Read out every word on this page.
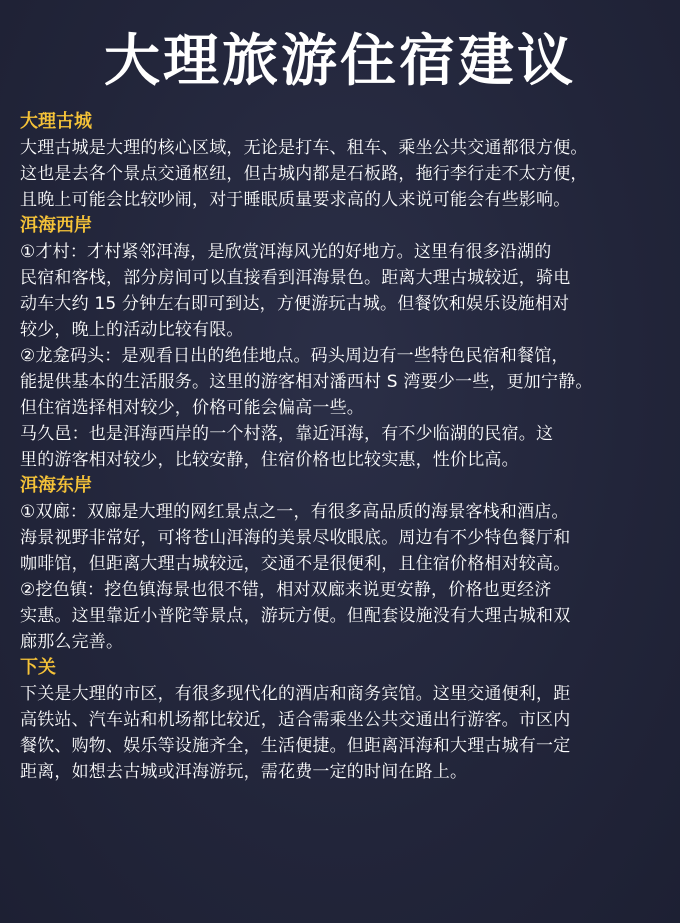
大理旅游住宿建议
大理古城
大理古城是大理的核心区域，无论是打车、租车、乘坐公共交通都很方便。
这也是去各个景点交通枢纽，但古城内都是石板路，拖行李行走不太方便，
且晚上可能会比较吵闹，对于睡眠质量要求高的人来说可能会有些影响。
洱海西岸
①才村：才村紧邻洱海，是欣赏洱海风光的好地方。这里有很多沿湖的
民宿和客栈，部分房间可以直接看到洱海景色。距离大理古城较近，骑电
动车大约 15 分钟左右即可到达，方便游玩古城。但餐饮和娱乐设施相对
较少，晚上的活动比较有限。
②龙龛码头：是观看日出的绝佳地点。码头周边有一些特色民宿和餐馆，
能提供基本的生活服务。这里的游客相对潘西村 S 湾要少一些，更加宁静。
但住宿选择相对较少，价格可能会偏高一些。
马久邑：也是洱海西岸的一个村落，靠近洱海，有不少临湖的民宿。这
里的游客相对较少，比较安静，住宿价格也比较实惠，性价比高。
洱海东岸
①双廊：双廊是大理的网红景点之一，有很多高品质的海景客栈和酒店。
海景视野非常好，可将苍山洱海的美景尽收眼底。周边有不少特色餐厅和
咖啡馆，但距离大理古城较远，交通不是很便利，且住宿价格相对较高。
②挖色镇：挖色镇海景也很不错，相对双廊来说更安静，价格也更经济
实惠。这里靠近小普陀等景点，游玩方便。但配套设施没有大理古城和双
廊那么完善。
下关
下关是大理的市区，有很多现代化的酒店和商务宾馆。这里交通便利，距
高铁站、汽车站和机场都比较近，适合需乘坐公共交通出行游客。市区内
餐饮、购物、娱乐等设施齐全，生活便捷。但距离洱海和大理古城有一定
距离，如想去古城或洱海游玩，需花费一定的时间在路上。
